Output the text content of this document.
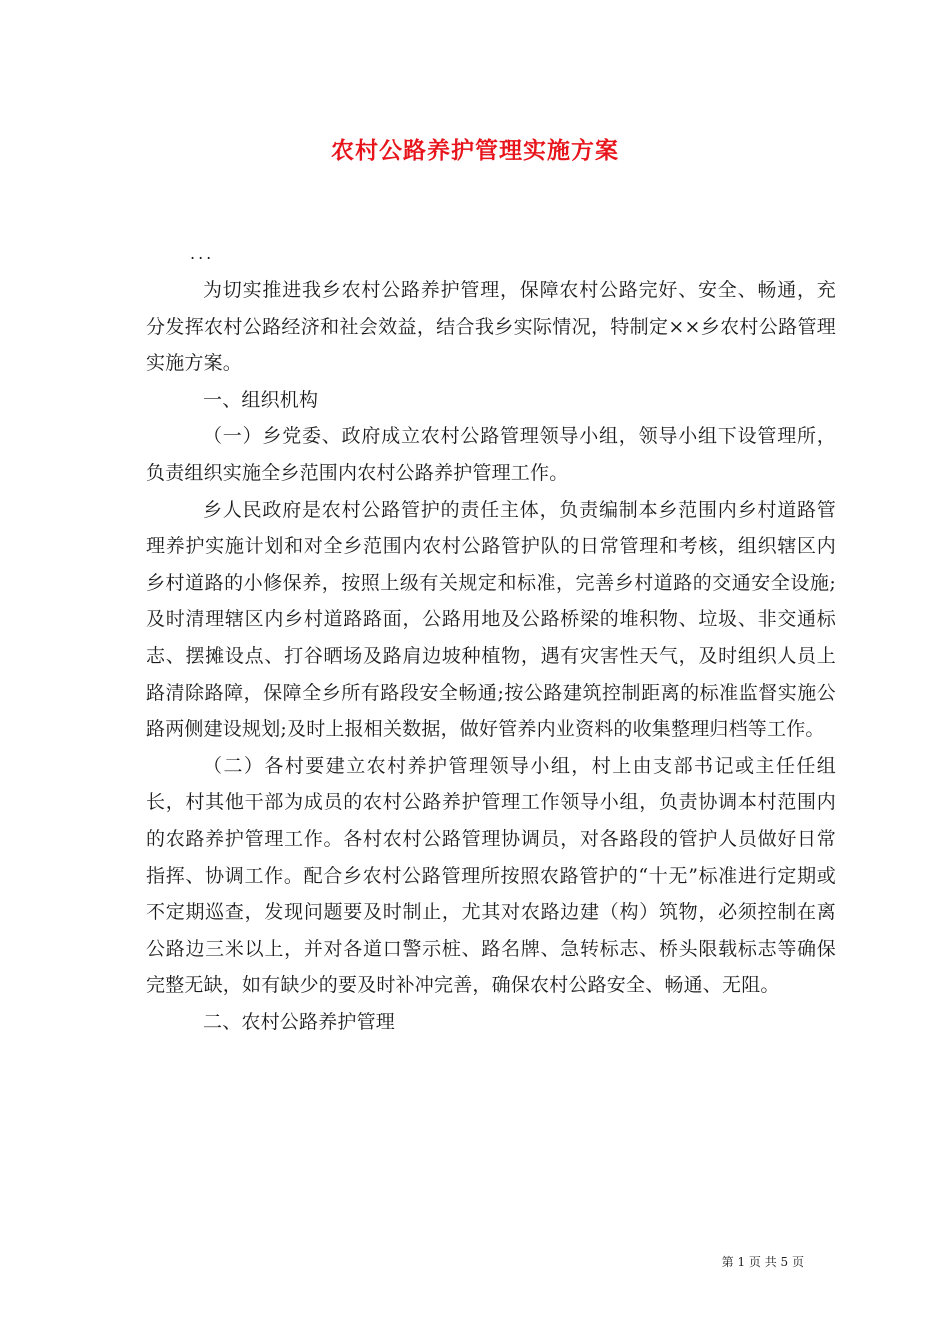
农村公路养护管理实施方案
...

为切实推进我乡农村公路养护管理，保障农村公路完好、安全、畅通，充分发挥农村公路经济和社会效益，结合我乡实际情况，特制定××乡农村公路管理实施方案。

一、组织机构

（一）乡党委、政府成立农村公路管理领导小组，领导小组下设管理所，负责组织实施全乡范围内农村公路养护管理工作。

乡人民政府是农村公路管护的责任主体，负责编制本乡范围内乡村道路管理养护实施计划和对全乡范围内农村公路管护队的日常管理和考核，组织辖区内乡村道路的小修保养，按照上级有关规定和标准，完善乡村道路的交通安全设施;及时清理辖区内乡村道路路面，公路用地及公路桥梁的堆积物、垃圾、非交通标志、摆摊设点、打谷晒场及路肩边坡种植物，遇有灾害性天气，及时组织人员上路清除路障，保障全乡所有路段安全畅通;按公路建筑控制距离的标准监督实施公路两侧建设规划;及时上报相关数据，做好管养内业资料的收集整理归档等工作。

（二）各村要建立农村养护管理领导小组，村上由支部书记或主任任组长，村其他干部为成员的农村公路养护管理工作领导小组，负责协调本村范围内的农路养护管理工作。各村农村公路管理协调员，对各路段的管护人员做好日常指挥、协调工作。配合乡农村公路管理所按照农路管护的“十无”标准进行定期或不定期巡查，发现问题要及时制止，尤其对农路边建（构）筑物，必须控制在离公路边三米以上，并对各道口警示桩、路名牌、急转标志、桥头限载标志等确保完整无缺，如有缺少的要及时补冲完善，确保农村公路安全、畅通、无阻。

二、农村公路养护管理

第 1 页 共 5 页
